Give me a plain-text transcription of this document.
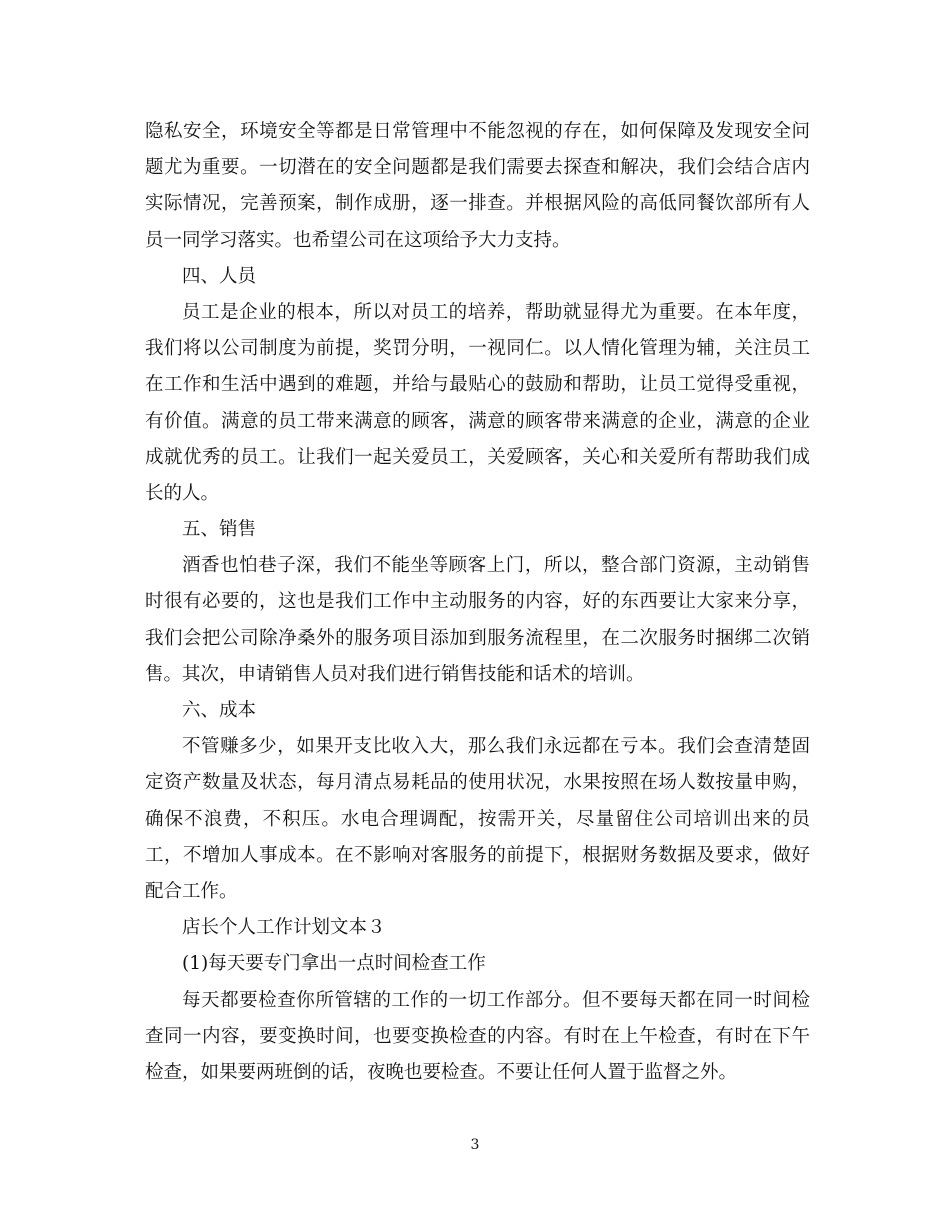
隐私安全，环境安全等都是日常管理中不能忽视的存在，如何保障及发现安全问
题尤为重要。一切潜在的安全问题都是我们需要去探查和解决，我们会结合店内
实际情况，完善预案，制作成册，逐一排查。并根据风险的高低同餐饮部所有人
员一同学习落实。也希望公司在这项给予大力支持。
四、人员
员工是企业的根本，所以对员工的培养，帮助就显得尤为重要。在本年度，
我们将以公司制度为前提，奖罚分明，一视同仁。以人情化管理为辅，关注员工
在工作和生活中遇到的难题，并给与最贴心的鼓励和帮助，让员工觉得受重视，
有价值。满意的员工带来满意的顾客，满意的顾客带来满意的企业，满意的企业
成就优秀的员工。让我们一起关爱员工，关爱顾客，关心和关爱所有帮助我们成
长的人。
五、销售
酒香也怕巷子深，我们不能坐等顾客上门，所以，整合部门资源，主动销售
时很有必要的，这也是我们工作中主动服务的内容，好的东西要让大家来分享，
我们会把公司除净桑外的服务项目添加到服务流程里，在二次服务时捆绑二次销
售。其次，申请销售人员对我们进行销售技能和话术的培训。
六、成本
不管赚多少，如果开支比收入大，那么我们永远都在亏本。我们会查清楚固
定资产数量及状态，每月清点易耗品的使用状况，水果按照在场人数按量申购，
确保不浪费，不积压。水电合理调配，按需开关，尽量留住公司培训出来的员
工，不增加人事成本。在不影响对客服务的前提下，根据财务数据及要求，做好
配合工作。
店长个人工作计划文本３
(1)每天要专门拿出一点时间检查工作
每天都要检查你所管辖的工作的一切工作部分。但不要每天都在同一时间检
查同一内容，要变换时间，也要变换检查的内容。有时在上午检查，有时在下午
检查，如果要两班倒的话，夜晚也要检查。不要让任何人置于监督之外。
3
